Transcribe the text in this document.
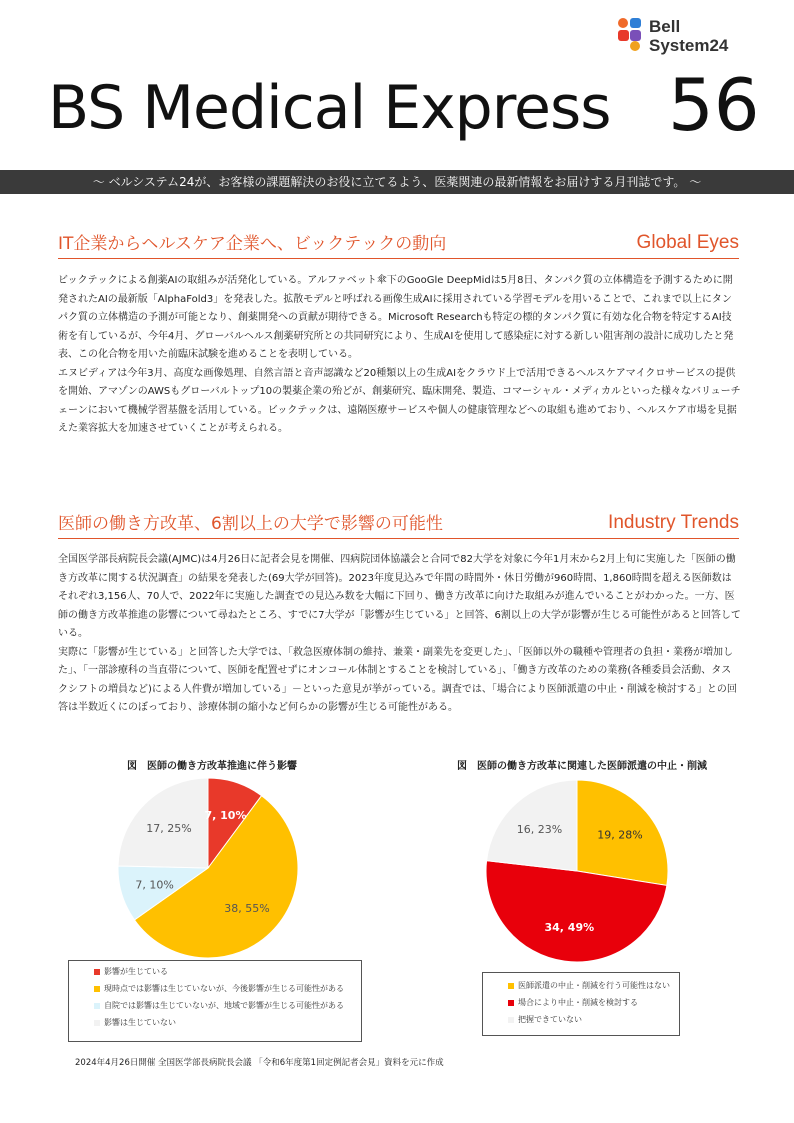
Bell
System24
BS Medical Express 56
～ ベルシステム24が、お客様の課題解決のお役に立てるよう、医薬関連の最新情報をお届けする月刊誌です。 ～
IT企業からヘルスケア企業へ、ビックテックの動向	Global Eyes

ビックテックによる創薬AIの取組みが活発化している。アルファベット傘下のGooGle DeepMidは5月8日、タンパク質の立体構造を予測するために開発されたAIの最新版「AlphaFold3」を発表した。拡散モデルと呼ばれる画像生成AIに採用されている学習モデルを用いることで、これまで以上にタンパク質の立体構造の予測が可能となり、創薬開発への貢献が期待できる。Microsoft Researchも特定の標的タンパク質に有効な化合物を特定するAI技術を有しているが、今年4月、グローバルヘルス創薬研究所との共同研究により、生成AIを使用して感染症に対する新しい阻害剤の設計に成功したと発表、この化合物を用いた前臨床試験を進めることを表明している。

エヌビディアは今年3月、高度な画像処理、自然言語と音声認識など20種類以上の生成AIをクラウド上で活用できるヘルスケアマイクロサービスの提供を開始、アマゾンのAWSもグローバルトップ10の製薬企業の殆どが、創薬研究、臨床開発、製造、コマーシャル・メディカルといった様々なバリューチェーンにおいて機械学習基盤を活用している。ビックテックは、遠隔医療サービスや個人の健康管理などへの取組も進めており、ヘルスケア市場を見据えた業容拡大を加速させていくことが考えられる。

医師の働き方改革、6割以上の大学で影響の可能性	Industry Trends

全国医学部長病院長会議(AJMC)は4月26日に記者会見を開催、四病院団体協議会と合同で82大学を対象に今年1月末から2月上旬に実施した「医師の働き方改革に関する状況調査」の結果を発表した(69大学が回答)。2023年度見込みで年間の時間外・休日労働が960時間、1,860時間を超える医師数はそれぞれ3,156人、70人で、2022年に実施した調査での見込み数を大幅に下回り、働き方改革に向けた取組みが進んでいることがわかった。一方、医師の働き方改革推進の影響について尋ねたところ、すでに7大学が「影響が生じている」と回答、6割以上の大学が影響が生じる可能性があると回答している。

実際に「影響が生じている」と回答した大学では、「救急医療体制の維持、兼業・副業先を変更した」、「医師以外の職種や管理者の負担・業務が増加した」、「一部診療科の当直帯について、医師を配置せずにオンコール体制とすることを検討している」、「働き方改革のための業務(各種委員会活動、タスクシフトの増員など)による人件費が増加している」－といった意見が挙がっている。調査では、「場合により医師派遣の中止・削減を検討する」との回答は半数近くにのぼっており、診療体制の縮小など何らかの影響が生じる可能性がある。

図　医師の働き方改革推進に伴う影響
7, 10%
38, 55%
7, 10%
17, 25%
影響が生じている
現時点では影響は生じていないが、今後影響が生じる可能性がある
自院では影響は生じていないが、地域で影響が生じる可能性がある
影響は生じていない
図　医師の働き方改革に関連した医師派遣の中止・削減
19, 28%
34, 49%
16, 23%
医師派遣の中止・削減を行う可能性はない
場合により中止・削減を検討する
把握できていない
2024年4月26日開催 全国医学部長病院長会議 「令和6年度第1回定例記者会見」資料を元に作成
